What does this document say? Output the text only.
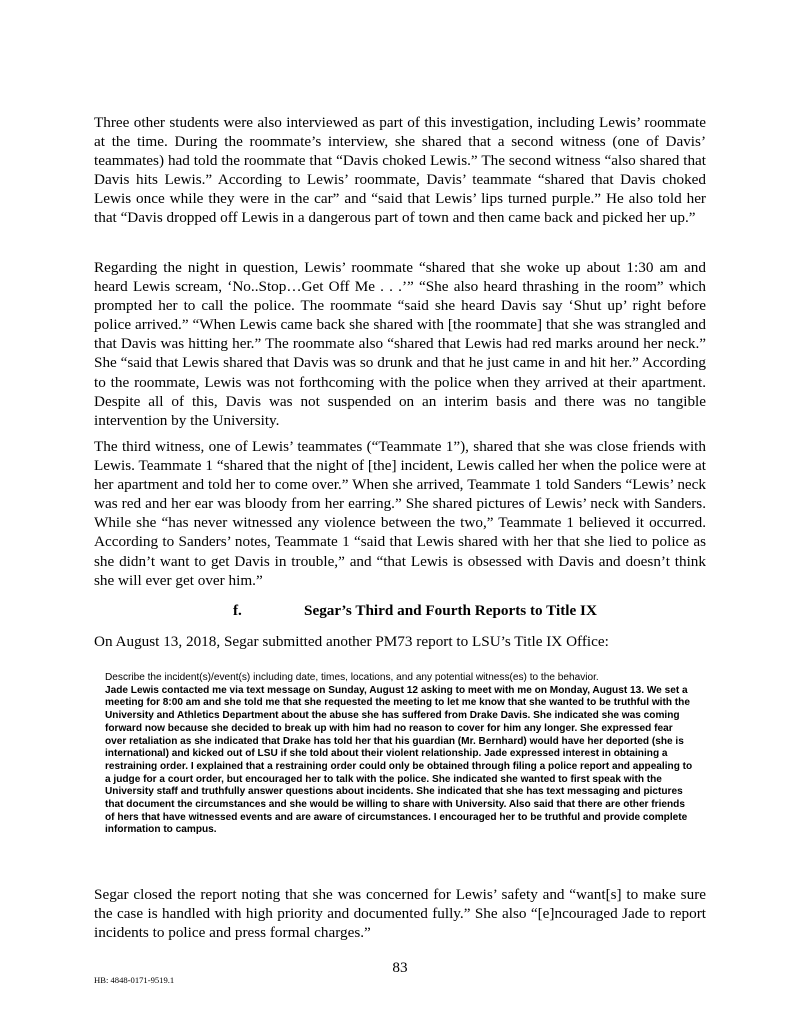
Three other students were also interviewed as part of this investigation, including Lewis’ roommate at the time. During the roommate’s interview, she shared that a second witness (one of Davis’ teammates) had told the roommate that “Davis choked Lewis.” The second witness “also shared that Davis hits Lewis.” According to Lewis’ roommate, Davis’ teammate “shared that Davis choked Lewis once while they were in the car” and “said that Lewis’ lips turned purple.” He also told her that “Davis dropped off Lewis in a dangerous part of town and then came back and picked her up.”

Regarding the night in question, Lewis’ roommate “shared that she woke up about 1:30 am and heard Lewis scream, ‘No..Stop…Get Off Me . . .’” “She also heard thrashing in the room” which prompted her to call the police. The roommate “said she heard Davis say ‘Shut up’ right before police arrived.” “When Lewis came back she shared with [the roommate] that she was strangled and that Davis was hitting her.” The roommate also “shared that Lewis had red marks around her neck.” She “said that Lewis shared that Davis was so drunk and that he just came in and hit her.” According to the roommate, Lewis was not forthcoming with the police when they arrived at their apartment. Despite all of this, Davis was not suspended on an interim basis and there was no tangible intervention by the University.

The third witness, one of Lewis’ teammates (“Teammate 1”), shared that she was close friends with Lewis. Teammate 1 “shared that the night of [the] incident, Lewis called her when the police were at her apartment and told her to come over.” When she arrived, Teammate 1 told Sanders “Lewis’ neck was red and her ear was bloody from her earring.” She shared pictures of Lewis’ neck with Sanders. While she “has never witnessed any violence between the two,” Teammate 1 believed it occurred. According to Sanders’ notes, Teammate 1 “said that Lewis shared with her that she lied to police as she didn’t want to get Davis in trouble,” and “that Lewis is obsessed with Davis and doesn’t think she will ever get over him.”

f.	Segar’s Third and Fourth Reports to Title IX

On August 13, 2018, Segar submitted another PM73 report to LSU’s Title IX Office:

Describe the incident(s)/event(s) including date, times, locations, and any potential witness(es) to the behavior.
Jade Lewis contacted me via text message on Sunday, August 12 asking to meet with me on Monday, August 13. We set a meeting for 8:00 am and she told me that she requested the meeting to let me know that she wanted to be truthful with the University and Athletics Department about the abuse she has suffered from Drake Davis. She indicated she was coming forward now because she decided to break up with him had no reason to cover for him any longer. She expressed fear over retaliation as she indicated that Drake has told her that his guardian (Mr. Bernhard) would have her deported (she is international) and kicked out of LSU if she told about their violent relationship. Jade expressed interest in obtaining a restraining order. I explained that a restraining order could only be obtained through filing a police report and appealing to a judge for a court order, but encouraged her to talk with the police. She indicated she wanted to first speak with the University staff and truthfully answer questions about incidents. She indicated that she has text messaging and pictures that document the circumstances and she would be willing to share with University. Also said that there are other friends of hers that have witnessed events and are aware of circumstances. I encouraged her to be truthful and provide complete information to campus.

Segar closed the report noting that she was concerned for Lewis’ safety and “want[s] to make sure the case is handled with high priority and documented fully.” She also “[e]ncouraged Jade to report incidents to police and press formal charges.”

83
HB: 4848-0171-9519.1
